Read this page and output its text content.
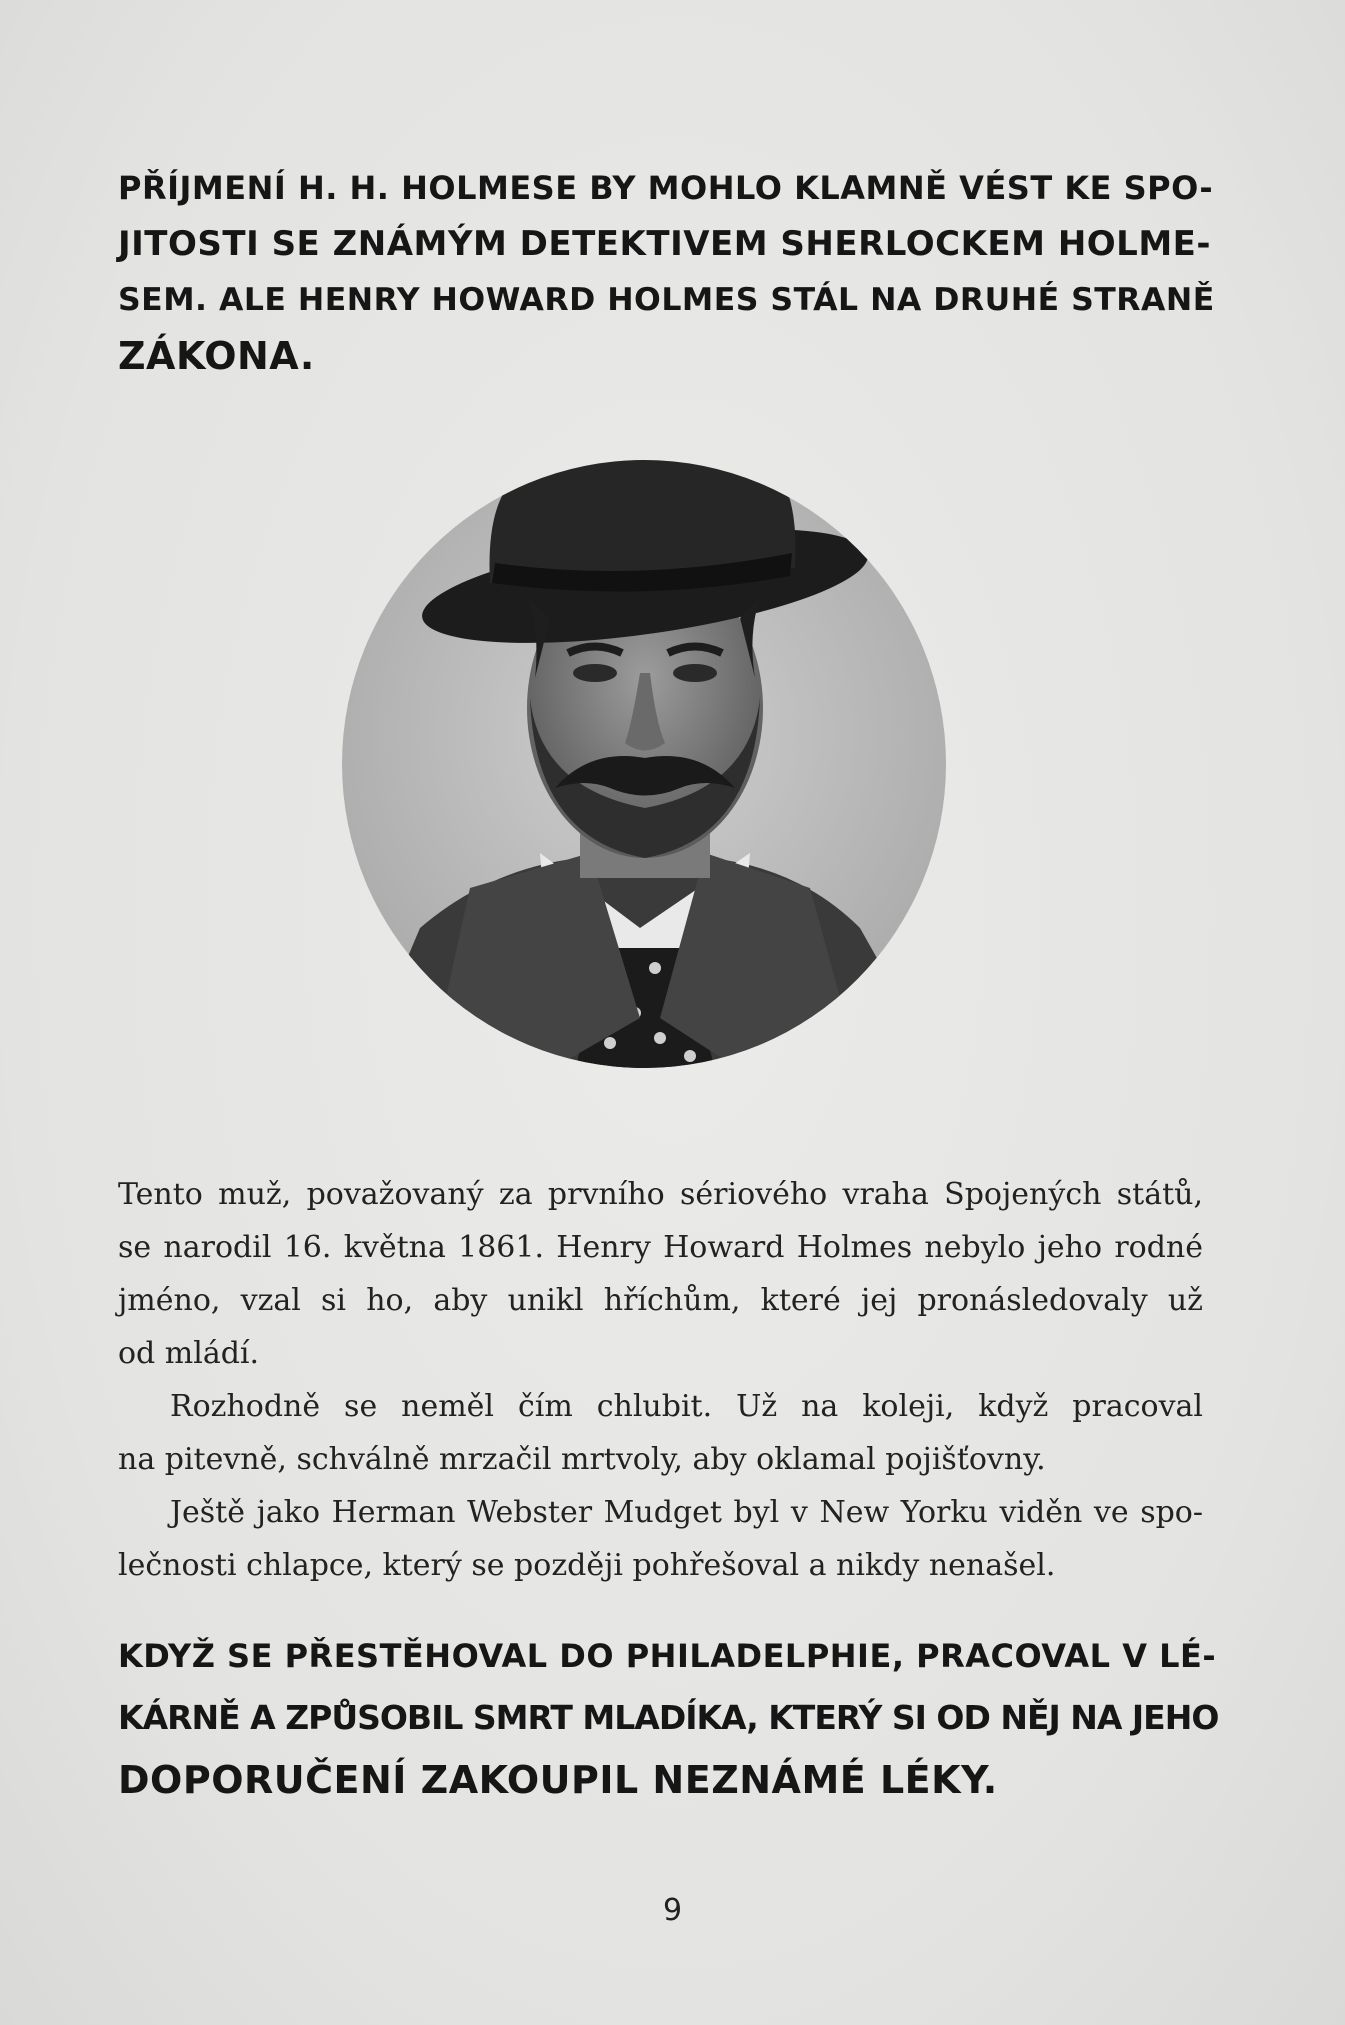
PŘÍJMENÍ H. H. HOLMESE BY MOHLO KLAMNĚ VÉST KE SPO-
JITOSTI SE ZNÁMÝM DETEKTIVEM SHERLOCKEM HOLME-
SEM. ALE HENRY HOWARD HOLMES STÁL NA DRUHÉ STRANĚ
ZÁKONA.
Tento muž, považovaný za prvního sériového vraha Spojených států,
se narodil 16. května 1861. Henry Howard Holmes nebylo jeho rodné
jméno, vzal si ho, aby unikl hříchům, které jej pronásledovaly už
od mládí.
Rozhodně se neměl čím chlubit. Už na koleji, když pracoval
na pitevně, schválně mrzačil mrtvoly, aby oklamal pojišťovny.
Ještě jako Herman Webster Mudget byl v New Yorku viděn ve spo-
lečnosti chlapce, který se později pohřešoval a nikdy nenašel.
KDYŽ SE PŘESTĚHOVAL DO PHILADELPHIE, PRACOVAL V LÉ-
KÁRNĚ A ZPŮSOBIL SMRT MLADÍKA, KTERÝ SI OD NĚJ NA JEHO
DOPORUČENÍ ZAKOUPIL NEZNÁMÉ LÉKY.
9
